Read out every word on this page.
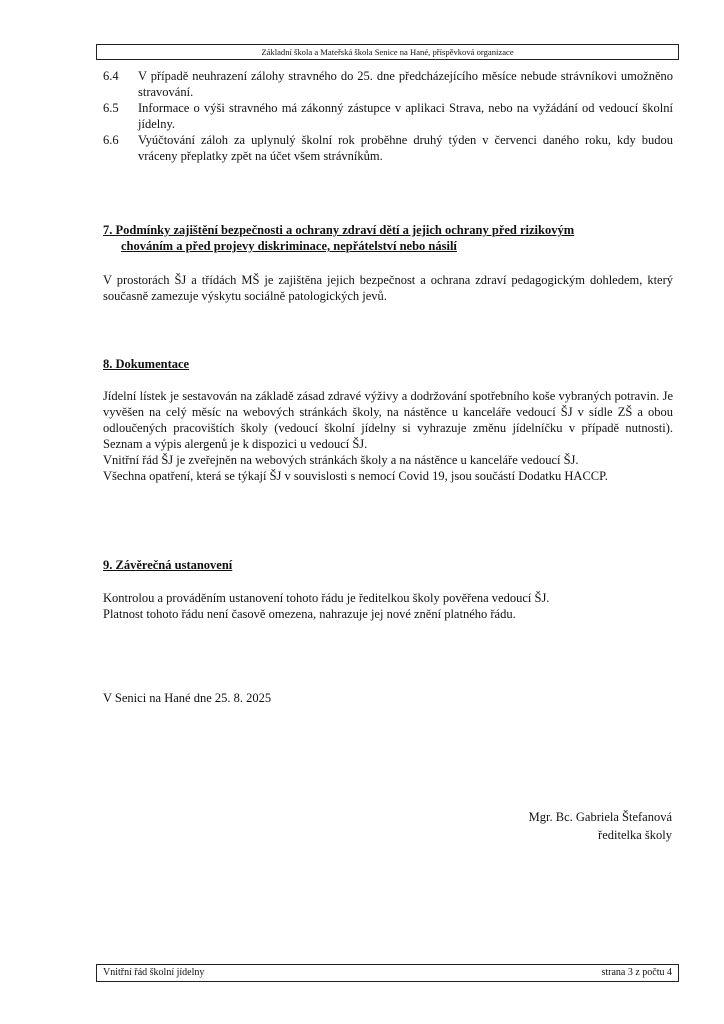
Základní škola a Mateřská škola Senice na Hané, příspěvková organizace
6.4 V případě neuhrazení zálohy stravného do 25. dne předcházejícího měsíce nebude strávníkovi umožněno stravování.
6.5 Informace o výši stravného má zákonný zástupce v aplikaci Strava, nebo na vyžádání od vedoucí školní jídelny.
6.6 Vyúčtování záloh za uplynulý školní rok proběhne druhý týden v červenci daného roku, kdy budou vráceny přeplatky zpět na účet všem strávníkům.
7. Podmínky zajištění bezpečnosti a ochrany zdraví dětí a jejich ochrany před rizikovým
chováním a před projevy diskriminace, nepřátelství nebo násilí

V prostorách ŠJ a třídách MŠ je zajištěna jejich bezpečnost a ochrana zdraví pedagogickým dohledem, který současně zamezuje výskytu sociálně patologických jevů.

8. Dokumentace

Jídelní lístek je sestavován na základě zásad zdravé výživy a dodržování spotřebního koše vybraných potravin. Je vyvěšen na celý měsíc na webových stránkách školy, na nástěnce u kanceláře vedoucí ŠJ v sídle ZŠ a obou odloučených pracovištích školy (vedoucí školní jídelny si vyhrazuje změnu jídelníčku v případě nutnosti). Seznam a výpis alergenů je k dispozici u vedoucí ŠJ.

Vnitřní řád ŠJ je zveřejněn na webových stránkách školy a na nástěnce u kanceláře vedoucí ŠJ.

Všechna opatření, která se týkají ŠJ v souvislosti s nemocí Covid 19, jsou součástí Dodatku HACCP.

9. Závěrečná ustanovení

Kontrolou a prováděním ustanovení tohoto řádu je ředitelkou školy pověřena vedoucí ŠJ.

Platnost tohoto řádu není časově omezena, nahrazuje jej nové znění platného řádu.

V Senici na Hané dne 25. 8. 2025

Mgr. Bc. Gabriela Štefanová
ředitelka školy
Vnitřní řád školní jídelny	strana 3 z počtu 4
